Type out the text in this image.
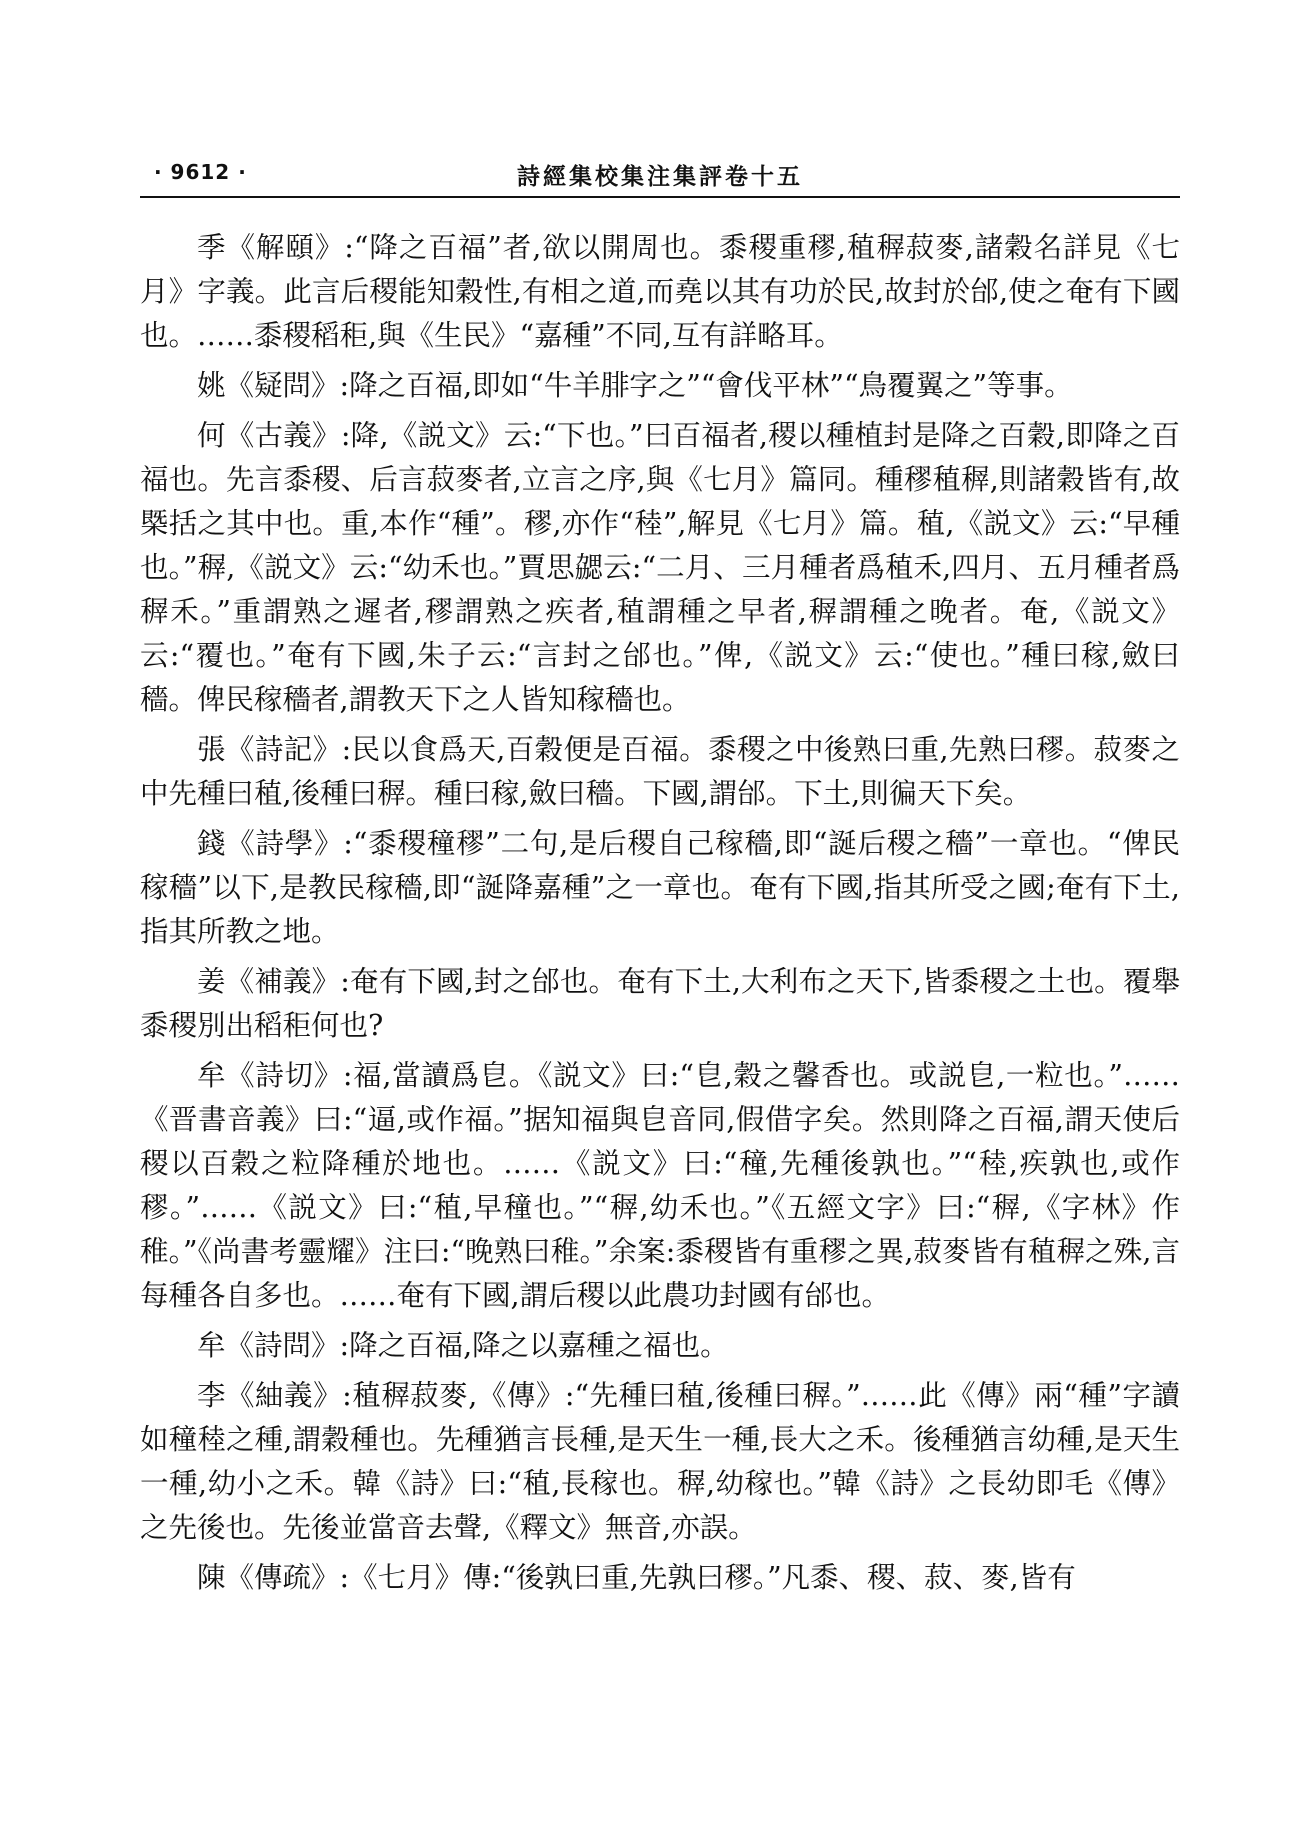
· 9612 ·	詩經集校集注集評卷十五

季《解頤》:“降之百福”者,欲以開周也。黍稷重穋,稙稺菽麥,諸穀名詳見《七月》字義。此言后稷能知穀性,有相之道,而堯以其有功於民,故封於邰,使之奄有下國也。……黍稷稻秬,與《生民》“嘉種”不同,互有詳略耳。

姚《疑問》:降之百福,即如“牛羊腓字之”“會伐平林”“鳥覆翼之”等事。

何《古義》:降,《説文》云:“下也。”曰百福者,稷以種植封是降之百穀,即降之百福也。先言黍稷、后言菽麥者,立言之序,與《七月》篇同。種穋稙稺,則諸穀皆有,故槩括之其中也。重,本作“種”。穋,亦作“稑”,解見《七月》篇。稙,《説文》云:“早種也。”稺,《説文》云:“幼禾也。”賈思勰云:“二月、三月種者爲稙禾,四月、五月種者爲稺禾。”重謂熟之遲者,穋謂熟之疾者,稙謂種之早者,稺謂種之晚者。奄,《説文》云:“覆也。”奄有下國,朱子云:“言封之邰也。”俾,《説文》云:“使也。”種曰稼,斂曰穡。俾民稼穡者,謂教天下之人皆知稼穡也。

張《詩記》:民以食爲天,百穀便是百福。黍稷之中後熟曰重,先熟曰穋。菽麥之中先種曰稙,後種曰稺。種曰稼,斂曰穡。下國,謂邰。下土,則徧天下矣。

錢《詩學》:“黍稷穜穋”二句,是后稷自己稼穡,即“誕后稷之穡”一章也。“俾民稼穡”以下,是教民稼穡,即“誕降嘉種”之一章也。奄有下國,指其所受之國;奄有下土,指其所教之地。

姜《補義》:奄有下國,封之邰也。奄有下土,大利布之天下,皆黍稷之土也。覆舉黍稷別出稻秬何也?

牟《詩切》:福,當讀爲皀。《説文》曰:“皀,穀之馨香也。或説皀,一粒也。”……《晋書音義》曰:“逼,或作福。”据知福與皀音同,假借字矣。然則降之百福,謂天使后稷以百穀之粒降種於地也。……《説文》曰:“穜,先種後孰也。”“稑,疾孰也,或作穋。”……《説文》曰:“稙,早穜也。”“稺,幼禾也。”《五經文字》曰:“稺,《字林》作稚。”《尚書考靈耀》注曰:“晚熟曰稚。”余案:黍稷皆有重穋之異,菽麥皆有稙稺之殊,言每種各自多也。……奄有下國,謂后稷以此農功封國有邰也。

牟《詩問》:降之百福,降之以嘉種之福也。

李《紬義》:稙稺菽麥,《傳》:“先種曰稙,後種曰稺。”……此《傳》兩“種”字讀如穜稑之種,謂穀種也。先種猶言長種,是天生一種,長大之禾。後種猶言幼種,是天生一種,幼小之禾。韓《詩》曰:“稙,長稼也。稺,幼稼也。”韓《詩》之長幼即毛《傳》之先後也。先後並當音去聲,《釋文》無音,亦誤。

陳《傳疏》:《七月》傳:“後孰曰重,先孰曰穋。”凡黍、稷、菽、麥,皆有
